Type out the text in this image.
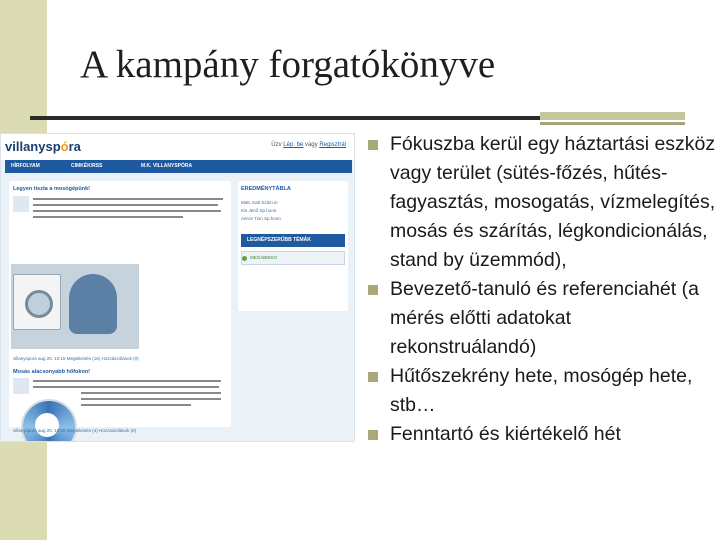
A kampány forgatókönyve
villanyspóra	Üzv Lép. be vagy Regisztrál
HÍRFOLYAM	CIMKÉK/RSS	M.K. VILLANYSPÓRA
Legyen tiszta a mosógépünk!
villanyspora aug 25, 10:16 Megtekintés (16) Hozzászólások (0)
Mosás alacsonyabb hőfokon!
villanyspora aug 25, 10:00 Megtekintés (4) Hozzászólások (0)
EREDMÉNYTÁBLA
Matt. Kati Szám.in
Kis Jenő Sp.hoon
Aeron Tion Sp.hoon
LEGNÉPSZERŰBB TÉMÁK
MEGÁBBIKO
Fókuszba kerül egy háztartási eszköz vagy terület (sütés-főzés, hűtés-fagyasztás, mosogatás, vízmelegítés, mosás és szárítás, légkondicionálás, stand by üzemmód),
Bevezető-tanuló és referenciahét (a mérés előtti adatokat rekonstruálandó)
Hűtőszekrény hete, mosógép hete, stb…
Fenntartó és kiértékelő hét
